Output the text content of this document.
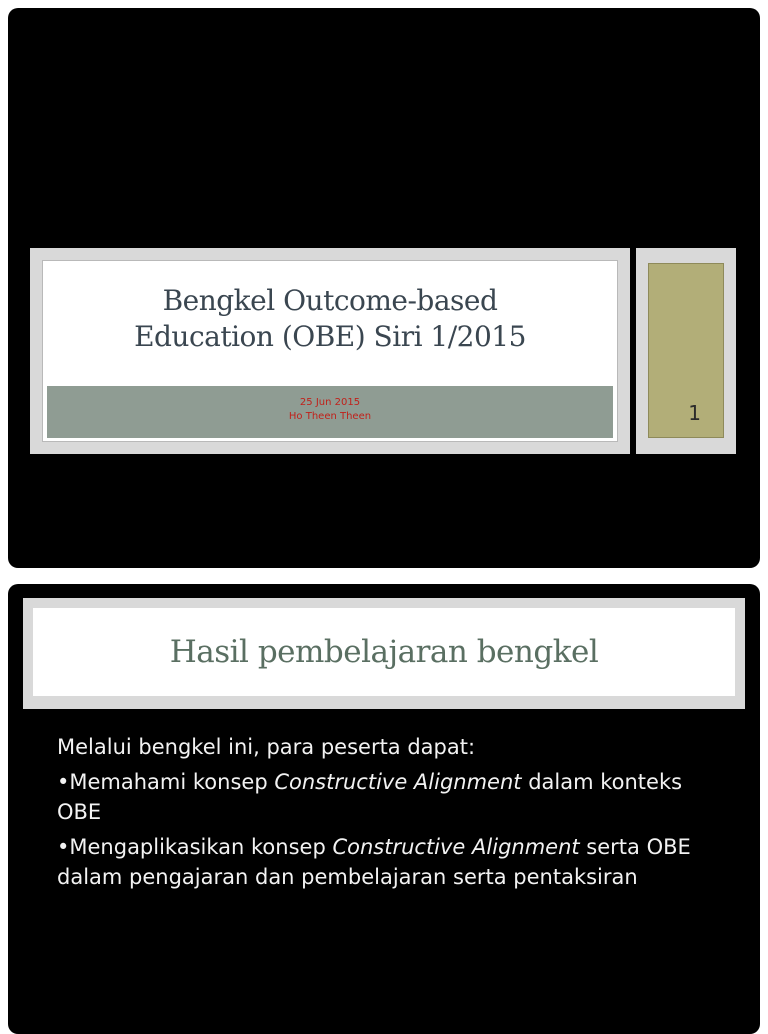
Bengkel Outcome-based
Education (OBE) Siri 1/2015
25 Jun 2015
Ho Theen Theen	1
Hasil pembelajaran bengkel

Melalui bengkel ini, para peserta dapat:

•Memahami konsep Constructive Alignment dalam konteks OBE

•Mengaplikasikan konsep Constructive Alignment serta OBE dalam pengajaran dan pembelajaran serta pentaksiran
